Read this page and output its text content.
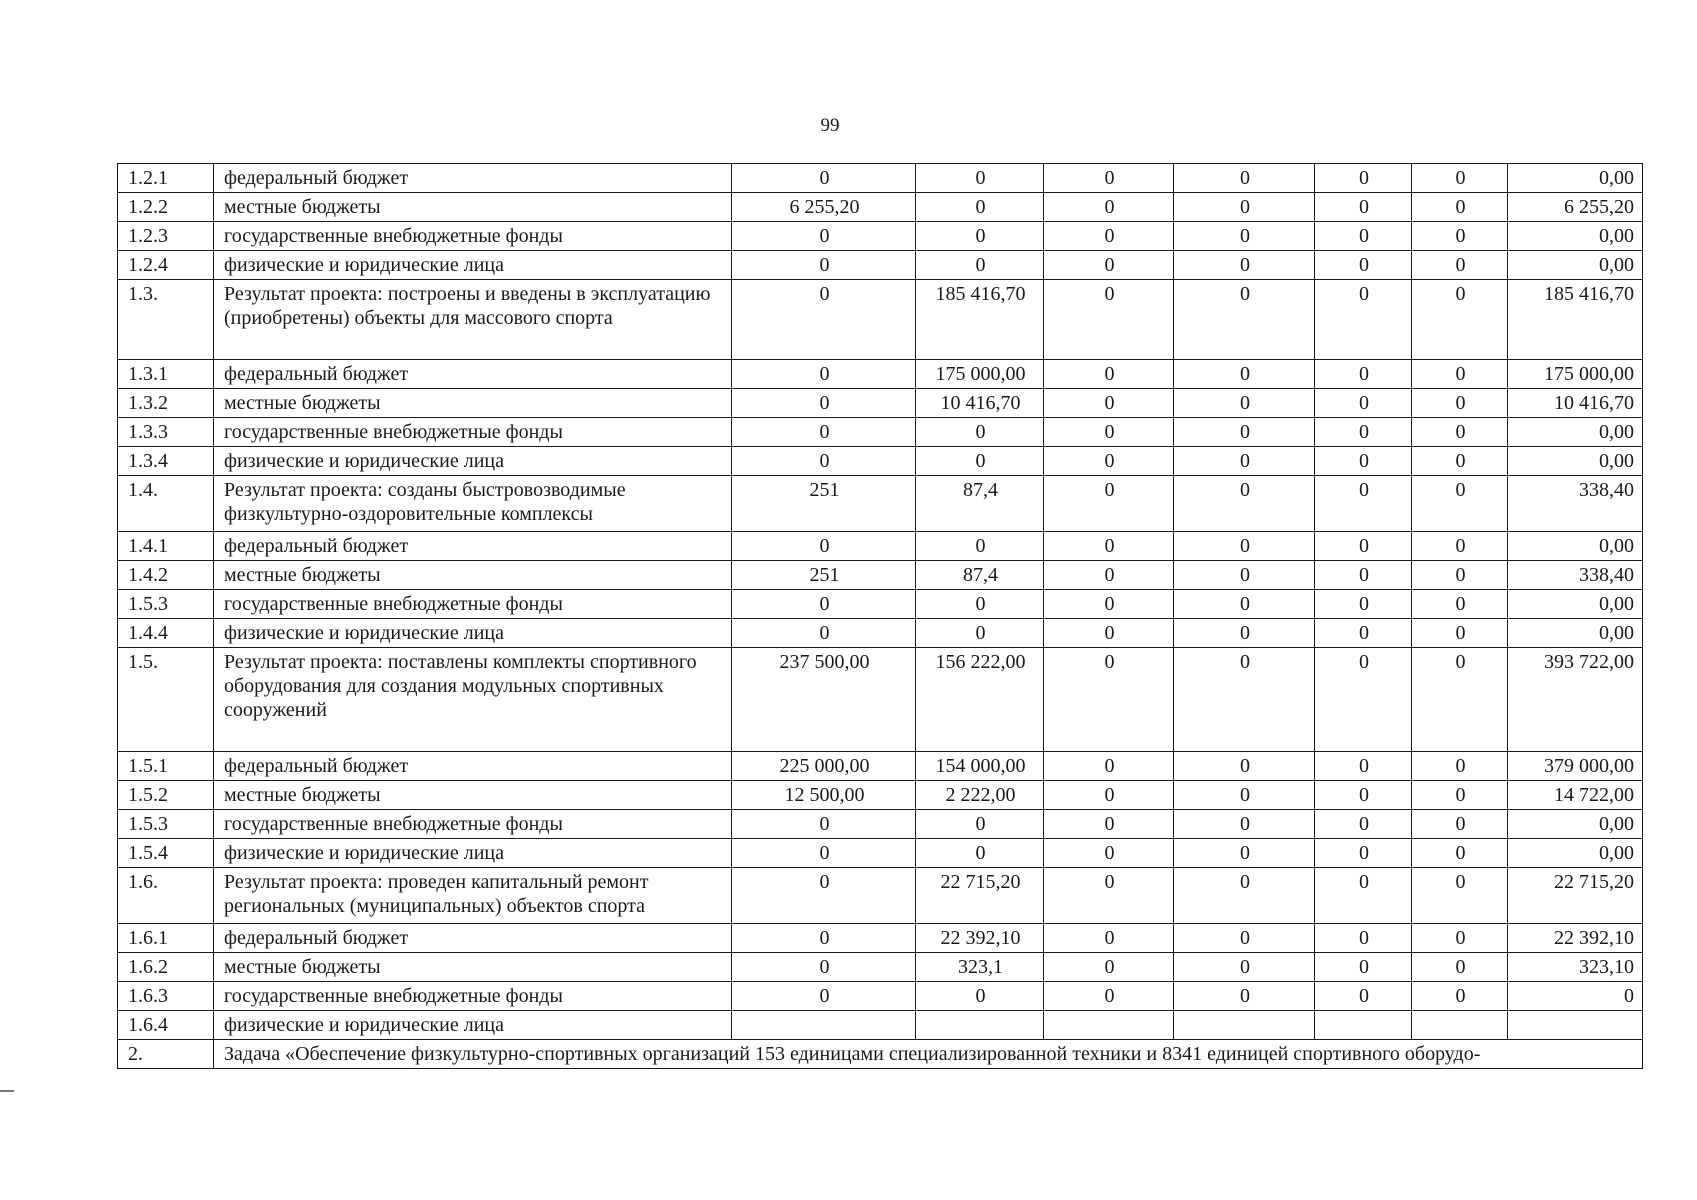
99
1.2.1	федеральный бюджет	0	0	0	0	0	0	0,00
1.2.2	местные бюджеты	6 255,20	0	0	0	0	0	6 255,20
1.2.3	государственные внебюджетные фонды	0	0	0	0	0	0	0,00
1.2.4	физические и юридические лица	0	0	0	0	0	0	0,00
1.3.	Результат проекта: построены и введены в эксплуатацию (приобретены) объекты для массового спорта	0	185 416,70	0	0	0	0	185 416,70
1.3.1	федеральный бюджет	0	175 000,00	0	0	0	0	175 000,00
1.3.2	местные бюджеты	0	10 416,70	0	0	0	0	10 416,70
1.3.3	государственные внебюджетные фонды	0	0	0	0	0	0	0,00
1.3.4	физические и юридические лица	0	0	0	0	0	0	0,00
1.4.	Результат проекта: созданы быстровозводимые физкультурно-оздоровительные комплексы	251	87,4	0	0	0	0	338,40
1.4.1	федеральный бюджет	0	0	0	0	0	0	0,00
1.4.2	местные бюджеты	251	87,4	0	0	0	0	338,40
1.5.3	государственные внебюджетные фонды	0	0	0	0	0	0	0,00
1.4.4	физические и юридические лица	0	0	0	0	0	0	0,00
1.5.	Результат проекта: поставлены комплекты спортивного оборудования для создания модульных спортивных сооружений	237 500,00	156 222,00	0	0	0	0	393 722,00
1.5.1	федеральный бюджет	225 000,00	154 000,00	0	0	0	0	379 000,00
1.5.2	местные бюджеты	12 500,00	2 222,00	0	0	0	0	14 722,00
1.5.3	государственные внебюджетные фонды	0	0	0	0	0	0	0,00
1.5.4	физические и юридические лица	0	0	0	0	0	0	0,00
1.6.	Результат проекта: проведен капитальный ремонт региональных (муниципальных) объектов спорта	0	22 715,20	0	0	0	0	22 715,20
1.6.1	федеральный бюджет	0	22 392,10	0	0	0	0	22 392,10
1.6.2	местные бюджеты	0	323,1	0	0	0	0	323,10
1.6.3	государственные внебюджетные фонды	0	0	0	0	0	0	0
1.6.4	физические и юридические лица							
2.	Задача «Обеспечение физкультурно-спортивных организаций 153 единицами специализированной техники и 8341 единицей спортивного оборудо-							
